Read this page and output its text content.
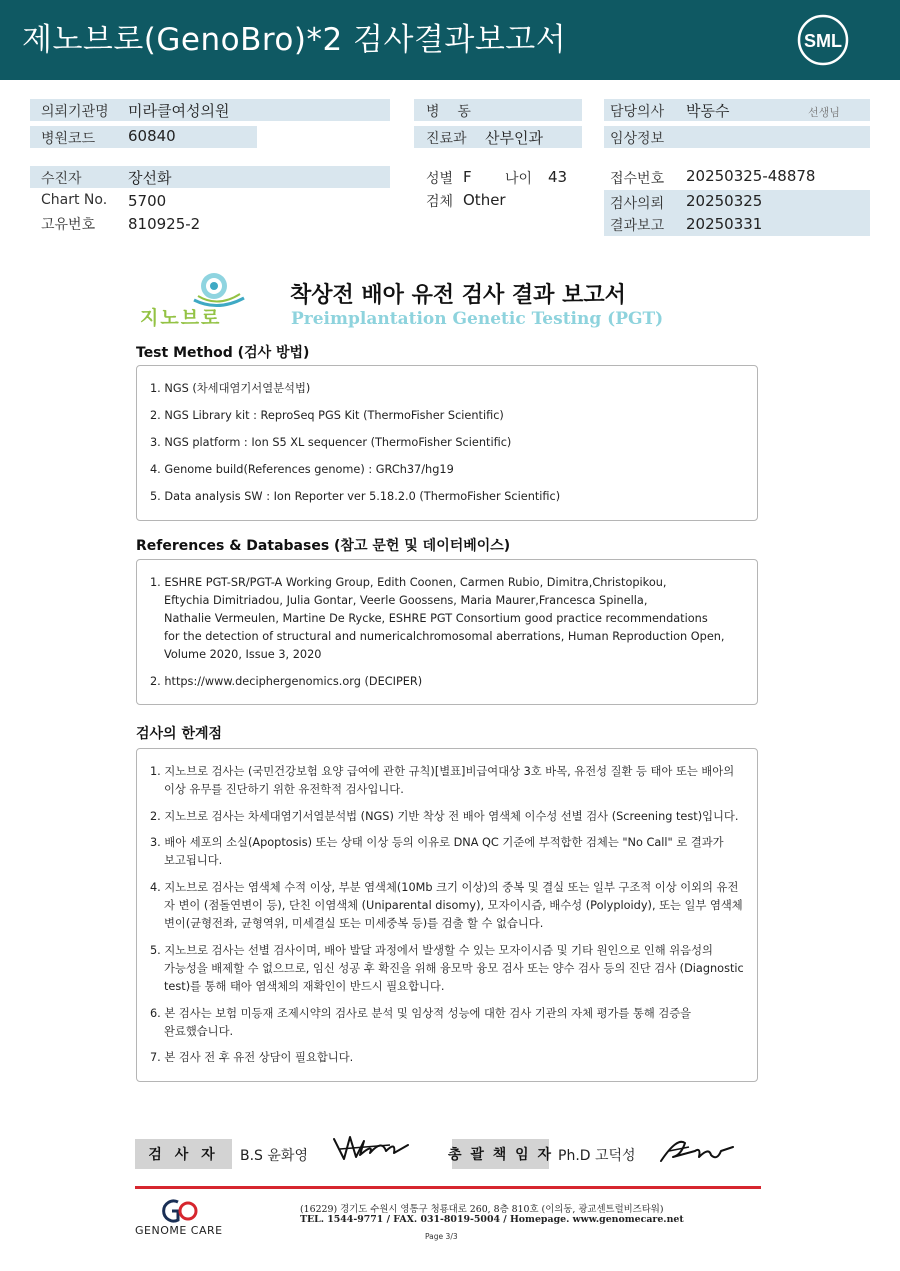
제노브로(GenoBro)*2 검사결과보고서	SML
의뢰기관명 미라클여성의원
병원코드 60840
수진자	장선화
Chart No. 5700
고유번호 810925-2
병    동
진료과 산부인과
성별 F 나이 43
검체 Other
담당의사 박동수	선생님
임상정보
접수번호 20250325-48878
검사의뢰 20250325
결과보고 20250331
지노브로
착상전 배아 유전 검사 결과 보고서
Preimplantation Genetic Testing (PGT)
Test Method (검사 방법)
1. NGS (차세대염기서열분석법)
2. NGS Library kit : ReproSeq PGS Kit (ThermoFisher Scientific)
3. NGS platform : Ion S5 XL sequencer (ThermoFisher Scientific)
4. Genome build(References genome) : GRCh37/hg19
5. Data analysis SW : Ion Reporter ver 5.18.2.0 (ThermoFisher Scientific)
References & Databases (참고 문헌 및 데이터베이스)
1. ESHRE PGT-SR/PGT-A Working Group, Edith Coonen, Carmen Rubio, Dimitra,Christopikou,
Eftychia Dimitriadou, Julia Gontar, Veerle Goossens, Maria Maurer,Francesca Spinella,
Nathalie Vermeulen, Martine De Rycke, ESHRE PGT Consortium good practice recommendations
for the detection of structural and numericalchromosomal aberrations, Human Reproduction Open,
Volume 2020, Issue 3, 2020
2. https://www.deciphergenomics.org (DECIPER)
검사의 한계점
1. 지노브로 검사는 (국민건강보험 요양 급여에 관한 규칙)[별표]비급여대상 3호 바목, 유전성 질환 등 태아 또는 배아의
이상 유무를 진단하기 위한 유전학적 검사입니다.
2. 지노브로 검사는 차세대염기서열분석법 (NGS) 기반 착상 전 배아 염색체 이수성 선별 검사 (Screening test)입니다.
3. 배아 세포의 소실(Apoptosis) 또는 상태 이상 등의 이유로 DNA QC 기준에 부적합한 검체는 "No Call" 로 결과가
보고됩니다.
4. 지노브로 검사는 염색체 수적 이상, 부분 염색체(10Mb 크기 이상)의 중복 및 결실 또는 일부 구조적 이상 이외의 유전
자 변이 (점돌연변이 등), 단친 이염색체 (Uniparental disomy), 모자이시즘, 배수성 (Polyploidy), 또는 일부 염색체
변이(균형전좌, 균형역위, 미세결실 또는 미세중복 등)를 검출 할 수 없습니다.
5. 지노브로 검사는 선별 검사이며, 배아 발달 과정에서 발생할 수 있는 모자이시즘 및 기타 원인으로 인해 위음성의
가능성을 배제할 수 없으므로, 임신 성공 후 확진을 위해 융모막 융모 검사 또는 양수 검사 등의 진단 검사 (Diagnostic
test)를 통해 태아 염색체의 재확인이 반드시 필요합니다.
6. 본 검사는 보험 미등재 조제시약의 검사로 분석 및 임상적 성능에 대한 검사 기관의 자체 평가를 통해 검증을
완료했습니다.
7. 본 검사 전 후 유전 상담이 필요합니다.
검 사 자	B.S 윤화영	총 괄 책 임 자 Ph.D 고덕성
GENOME CARE
(16229) 경기도 수원시 영통구 청룡대로 260, 8층 810호 (이의동, 광교센트럴비즈타워)
TEL. 1544-9771 / FAX. 031-8019-5004 / Homepage. www.genomecare.net
Page 3/3
